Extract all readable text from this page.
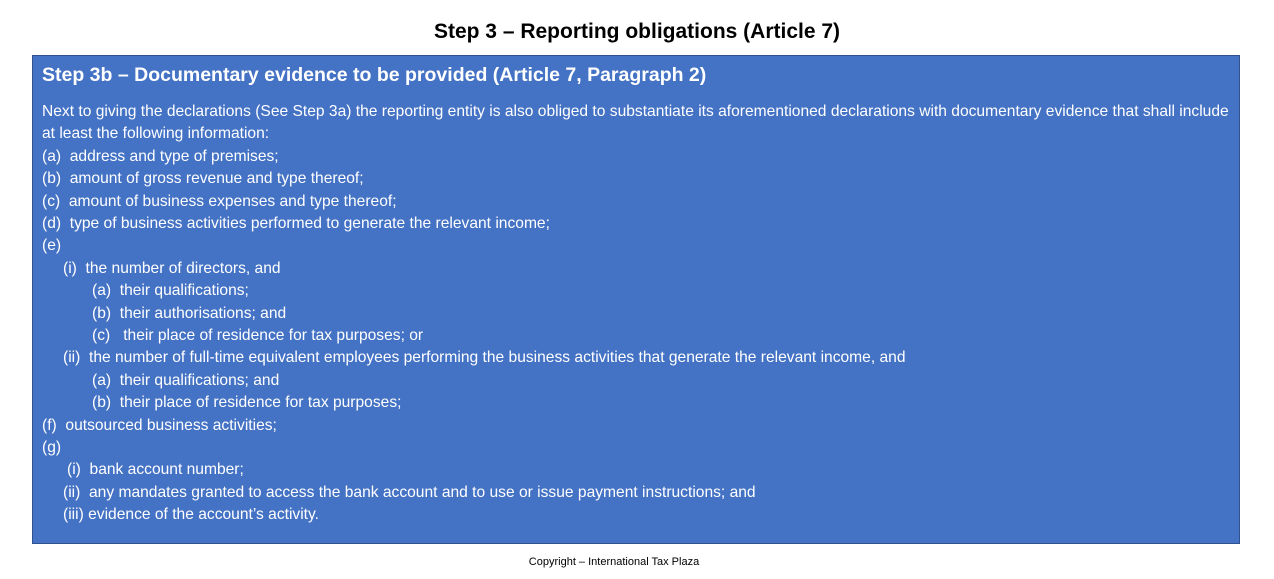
Step 3 – Reporting obligations (Article 7)
Step 3b – Documentary evidence to be provided (Article 7, Paragraph 2)
Next to giving the declarations (See Step 3a) the reporting entity is also obliged to substantiate its aforementioned declarations with documentary evidence that shall include at least the following information:
(a) address and type of premises;
(b) amount of gross revenue and type thereof;
(c) amount of business expenses and type thereof;
(d) type of business activities performed to generate the relevant income;
(e)
(i) the number of directors, and
(a) their qualifications;
(b) their authorisations; and
(c) their place of residence for tax purposes; or
(ii) the number of full-time equivalent employees performing the business activities that generate the relevant income, and
(a) their qualifications; and
(b) their place of residence for tax purposes;
(f) outsourced business activities;
(g)
(i) bank account number;
(ii) any mandates granted to access the bank account and to use or issue payment instructions; and
(iii) evidence of the account’s activity.
Copyright – International Tax Plaza
